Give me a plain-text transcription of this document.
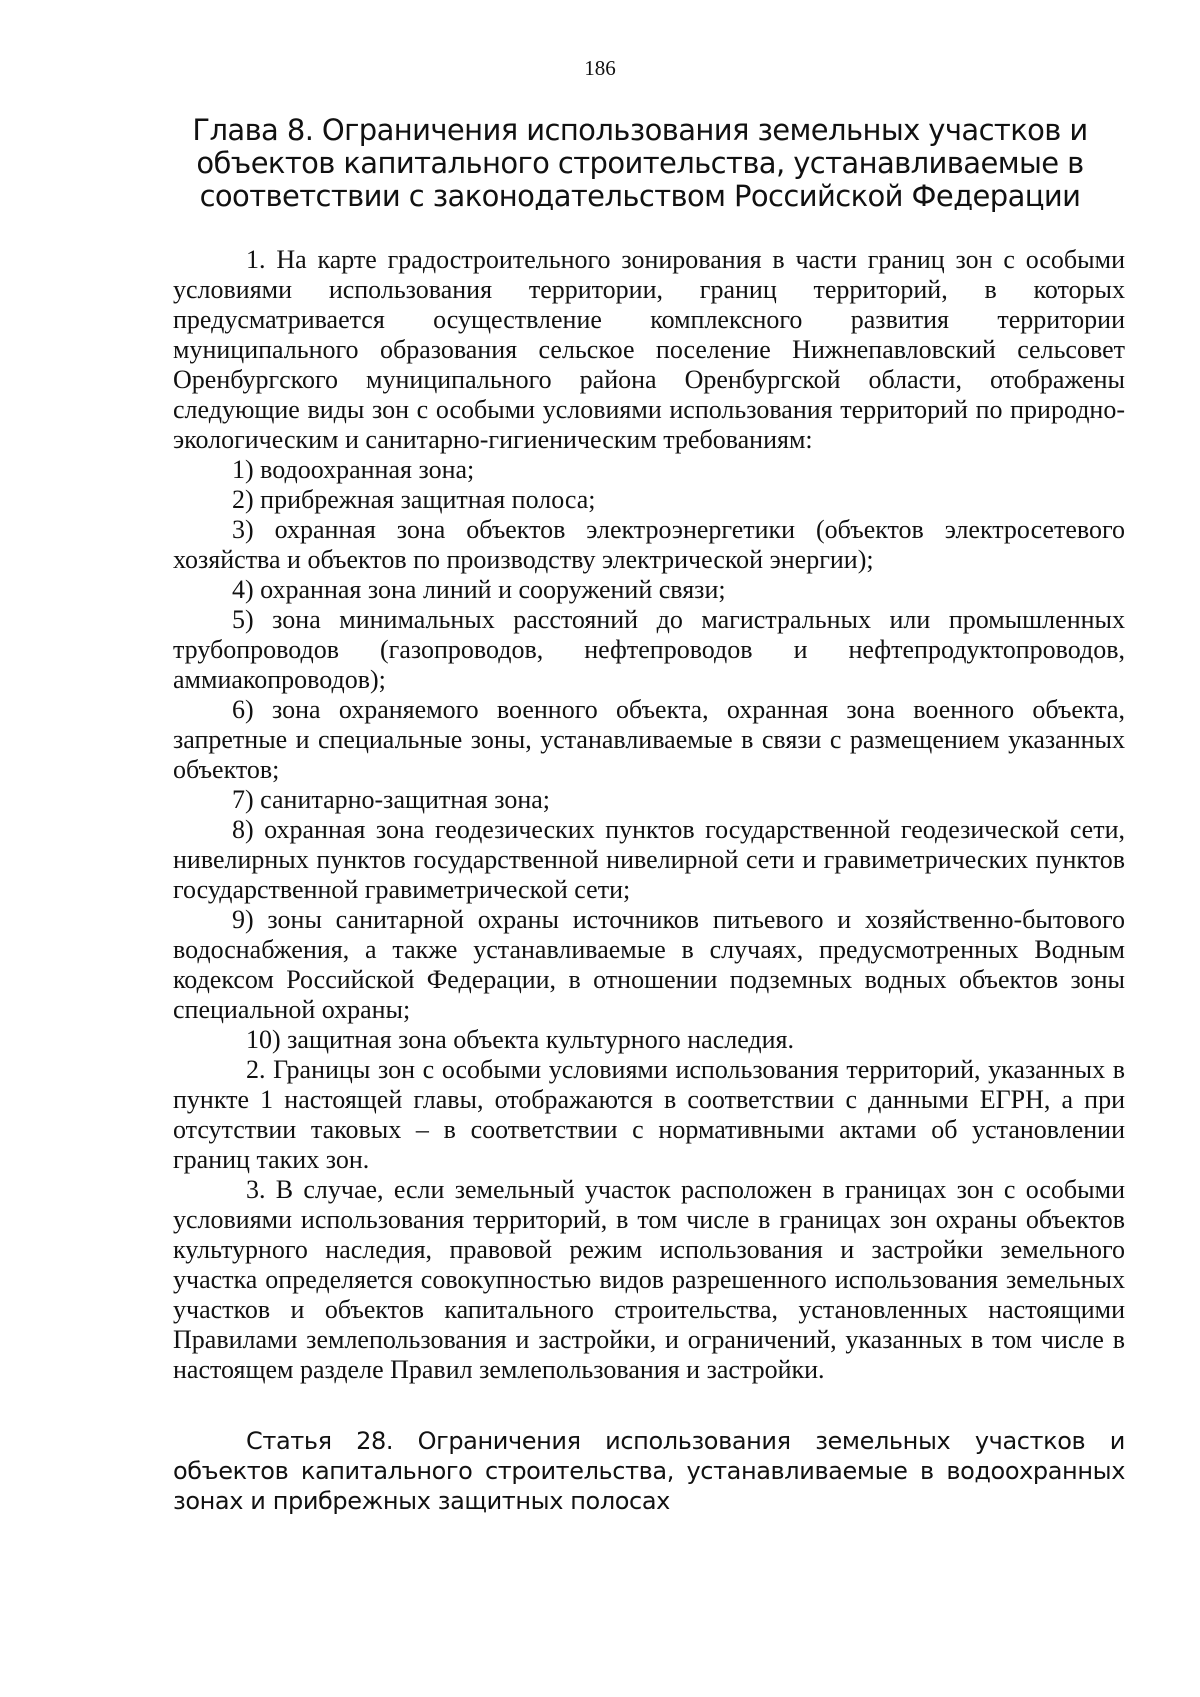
186
Глава 8. Ограничения использования земельных участков и объектов капитального строительства, устанавливаемые в соответствии с законодательством Российской Федерации

1. На карте градостроительного зонирования в части границ зон с особыми условиями использования территории, границ территорий, в которых предусматривается осуществление комплексного развития территории муниципального образования сельское поселение Нижнепавловский сельсовет Оренбургского муниципального района Оренбургской области, отображены следующие виды зон с особыми условиями использования территорий по природно-экологическим и санитарно-гигиеническим требованиям:

1) водоохранная зона;

2) прибрежная защитная полоса;

3) охранная зона объектов электроэнергетики (объектов электросетевого хозяйства и объектов по производству электрической энергии);

4) охранная зона линий и сооружений связи;

5) зона минимальных расстояний до магистральных или промышленных трубопроводов (газопроводов, нефтепроводов и нефтепродуктопроводов, аммиакопроводов);

6) зона охраняемого военного объекта, охранная зона военного объекта, запретные и специальные зоны, устанавливаемые в связи с размещением указанных объектов;

7) санитарно-защитная зона;

8) охранная зона геодезических пунктов государственной геодезической сети, нивелирных пунктов государственной нивелирной сети и гравиметрических пунктов государственной гравиметрической сети;

9) зоны санитарной охраны источников питьевого и хозяйственно-бытового водоснабжения, а также устанавливаемые в случаях, предусмотренных Водным кодексом Российской Федерации, в отношении подземных водных объектов зоны специальной охраны;

10) защитная зона объекта культурного наследия.

2. Границы зон с особыми условиями использования территорий, указанных в пункте 1 настоящей главы, отображаются в соответствии с данными ЕГРН, а при отсутствии таковых – в соответствии с нормативными актами об установлении границ таких зон.

3. В случае, если земельный участок расположен в границах зон с особыми условиями использования территорий, в том числе в границах зон охраны объектов культурного наследия, правовой режим использования и застройки земельного участка определяется совокупностью видов разрешенного использования земельных участков и объектов капитального строительства, установленных настоящими Правилами землепользования и застройки, и ограничений, указанных в том числе в настоящем разделе Правил землепользования и застройки.

Статья 28. Ограничения использования земельных участков и объектов капитального строительства, устанавливаемые в водоохранных зонах и прибрежных защитных полосах
